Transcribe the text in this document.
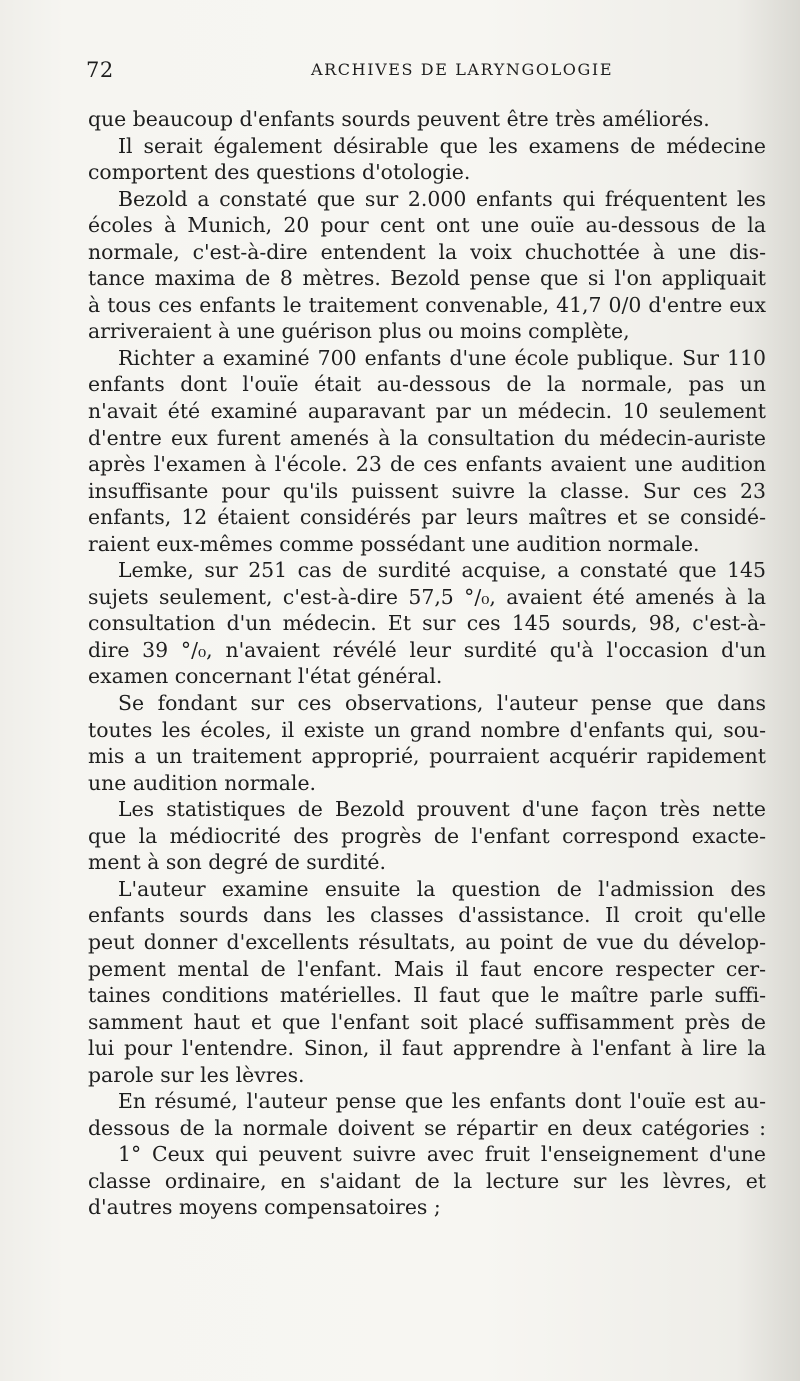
72	ARCHIVES DE LARYNGOLOGIE
que beaucoup d'enfants sourds peuvent être très améliorés.
Il serait également désirable que les examens de médecine
comportent des questions d'otologie.
Bezold a constaté que sur 2.000 enfants qui fréquentent les
écoles à Munich, 20 pour cent ont une ouïe au-dessous de la
normale, c'est-à-dire entendent la voix chuchottée à une dis-
tance maxima de 8 mètres. Bezold pense que si l'on appliquait
à tous ces enfants le traitement convenable, 41,7 0/0 d'entre eux
arriveraient à une guérison plus ou moins complète,
Richter a examiné 700 enfants d'une école publique. Sur 110
enfants dont l'ouïe était au-dessous de la normale, pas un
n'avait été examiné auparavant par un médecin. 10 seulement
d'entre eux furent amenés à la consultation du médecin-auriste
après l'examen à l'école. 23 de ces enfants avaient une audition
insuffisante pour qu'ils puissent suivre la classe. Sur ces 23
enfants, 12 étaient considérés par leurs maîtres et se considé-
raient eux-mêmes comme possédant une audition normale.
Lemke, sur 251 cas de surdité acquise, a constaté que 145
sujets seulement, c'est-à-dire 57,5 °/₀, avaient été amenés à la
consultation d'un médecin. Et sur ces 145 sourds, 98, c'est-à-
dire 39 °/₀, n'avaient révélé leur surdité qu'à l'occasion d'un
examen concernant l'état général.
Se fondant sur ces observations, l'auteur pense que dans
toutes les écoles, il existe un grand nombre d'enfants qui, sou-
mis a un traitement approprié, pourraient acquérir rapidement
une audition normale.
Les statistiques de Bezold prouvent d'une façon très nette
que la médiocrité des progrès de l'enfant correspond exacte-
ment à son degré de surdité.
L'auteur examine ensuite la question de l'admission des
enfants sourds dans les classes d'assistance. Il croit qu'elle
peut donner d'excellents résultats, au point de vue du dévelop-
pement mental de l'enfant. Mais il faut encore respecter cer-
taines conditions matérielles. Il faut que le maître parle suffi-
samment haut et que l'enfant soit placé suffisamment près de
lui pour l'entendre. Sinon, il faut apprendre à l'enfant à lire la
parole sur les lèvres.
En résumé, l'auteur pense que les enfants dont l'ouïe est au-
dessous de la normale doivent se répartir en deux catégories :
1° Ceux qui peuvent suivre avec fruit l'enseignement d'une
classe ordinaire, en s'aidant de la lecture sur les lèvres, et
d'autres moyens compensatoires ;
